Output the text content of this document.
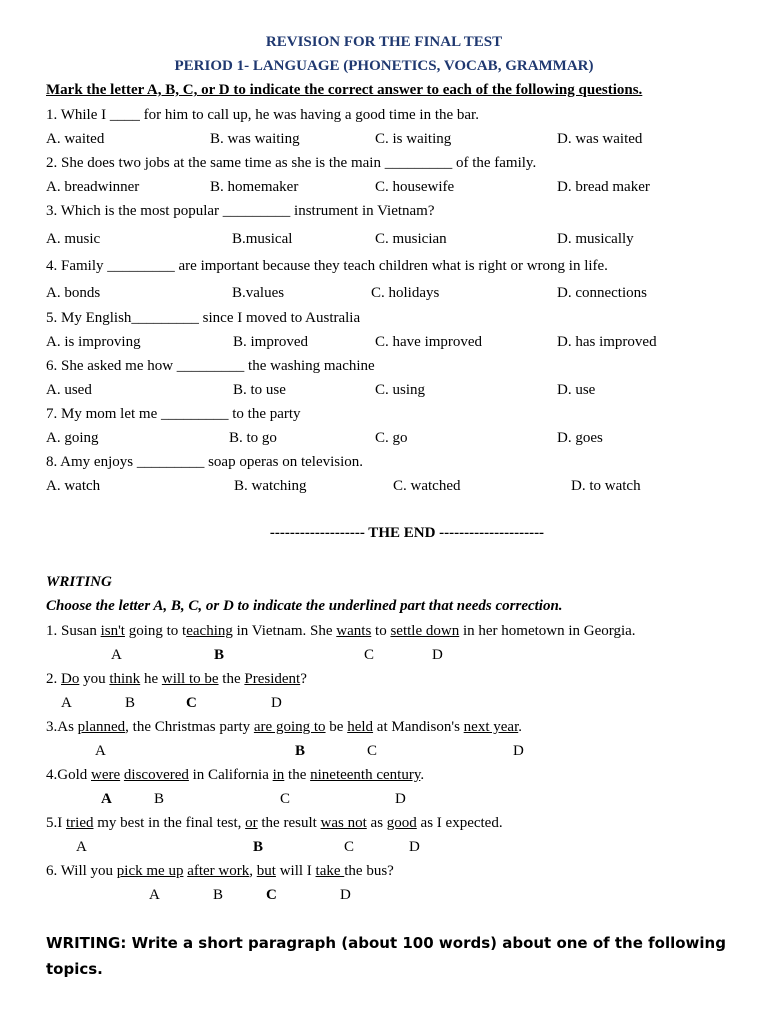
REVISION FOR THE FINAL TEST
PERIOD 1- LANGUAGE (PHONETICS, VOCAB, GRAMMAR)
Mark the letter A, B, C, or D to indicate the correct answer to each of the following questions.
1. While I ____ for him to call up, he was having a good time in the bar.
A. waited	B. was waiting	C. is waiting	D. was waited
2. She does two jobs at the same time as she is the main _________ of the family.
A. breadwinner	B. homemaker	C. housewife	D. bread maker
3. Which is the most popular _________ instrument in Vietnam?
A. music	B.musical	C. musician	D. musically
4. Family _________ are important because they teach children what is right or wrong in life.
A. bonds	B.values	C. holidays	D. connections
5. My English_________ since I moved to Australia
A. is improving	B. improved	C. have improved	D. has improved
6. She asked me how _________ the washing machine
A. used	B. to use	C. using	D. use
7. My mom let me _________ to the party
A. going	B. to go	C. go	D. goes
8. Amy enjoys _________ soap operas on television.
A. watch	B. watching	C. watched	D. to watch
------------------- THE END ---------------------
WRITING
Choose the letter A, B, C, or D to indicate the underlined part that needs correction.
1. Susan isn't going to teaching in Vietnam. She wants to settle down in her hometown in Georgia.
A	B	C	D
2. Do you think he will to be the President?
A	B	C	D
3.As planned, the Christmas party are going to be held at Mandison's next year.
A	B	C	D
4.Gold were discovered in California in the nineteenth century.
A	B	C	D
5.I tried my best in the final test, or the result was not as good as I expected.
A	B	C	D
6. Will you pick me up after work, but will I take the bus?
A	B	C	D
WRITING: Write a short paragraph (about 100 words) about one of the following topics.
